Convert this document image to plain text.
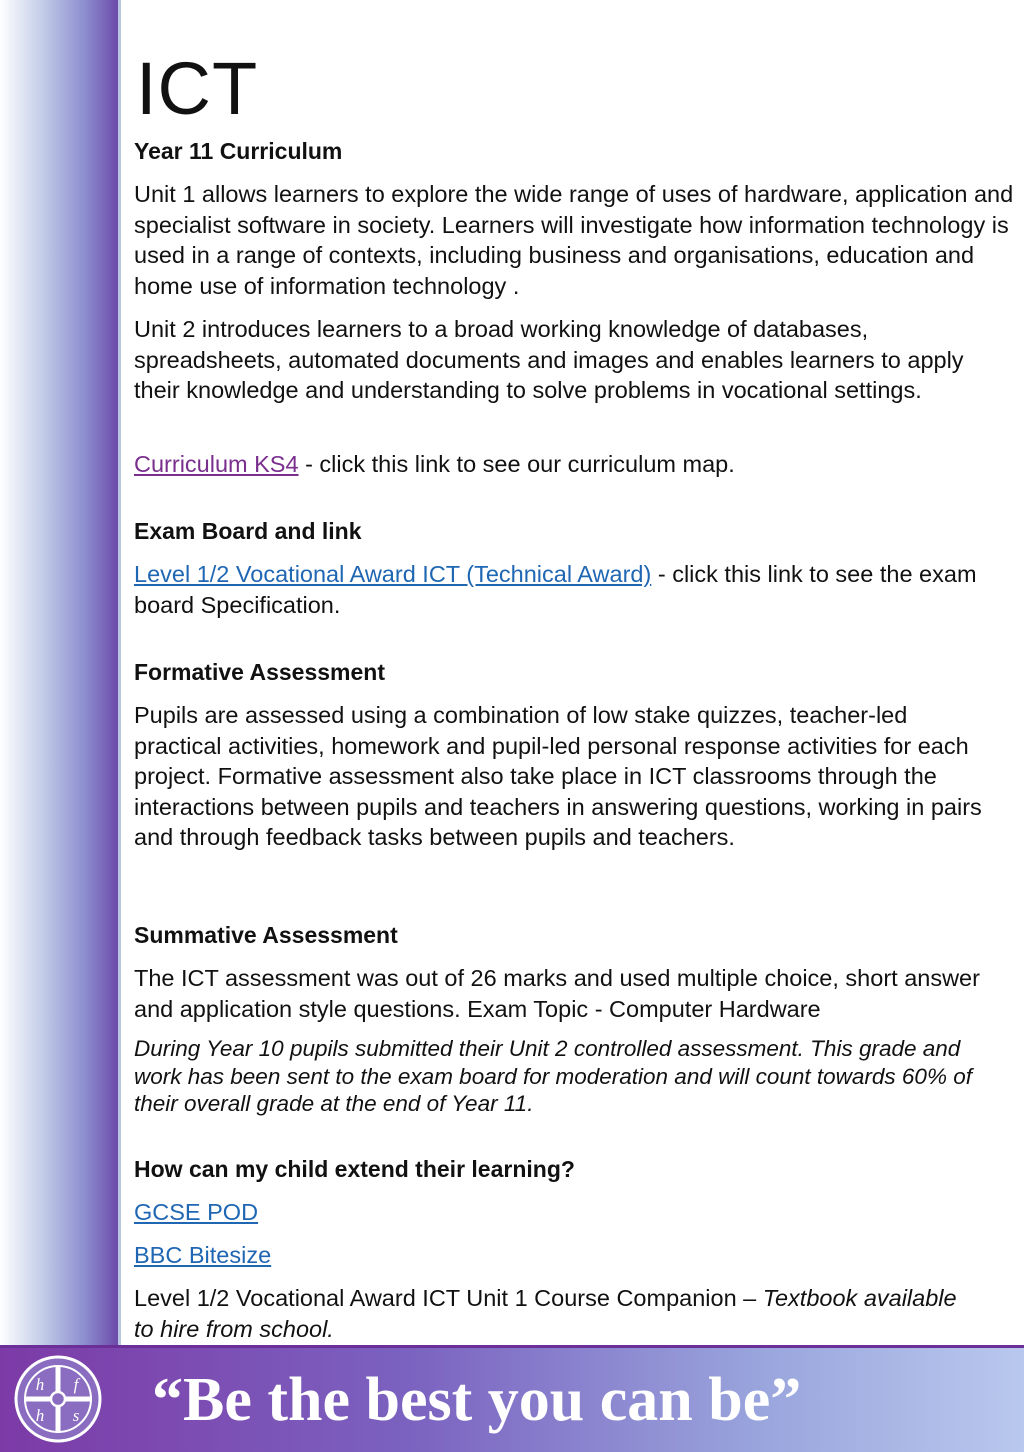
ICT
Year 11 Curriculum

Unit 1 allows learners to explore the wide range of uses of hardware, application and specialist software in society. Learners will investigate how information technology is used in a range of contexts, including business and organisations, education and home use of information technology .

Unit 2 introduces learners to a broad working knowledge of databases, spreadsheets, automated documents and images and enables learners to apply their knowledge and understanding to solve problems in vocational settings.

Curriculum KS4 - click this link to see our curriculum map.

Exam Board and link

Level 1/2 Vocational Award ICT (Technical Award) - click this link to see the exam board Specification.

Formative Assessment

Pupils are assessed using a combination of low stake quizzes, teacher-led practical activities, homework and pupil-led personal response activities for each project. Formative assessment also take place in ICT classrooms through the interactions between pupils and teachers in answering questions, working in pairs and through feedback tasks between pupils and teachers.

Summative Assessment

The ICT assessment was out of 26 marks and used multiple choice, short answer and application style questions. Exam Topic - Computer Hardware

During Year 10 pupils submitted their Unit 2 controlled assessment. This grade and work has been sent to the exam board for moderation and will count towards 60% of their overall grade at the end of Year 11.

How can my child extend their learning?

GCSE POD

BBC Bitesize

Level 1/2 Vocational Award ICT Unit 1 Course Companion – Textbook available to hire from school.

h f
h s “Be the best you can be”
